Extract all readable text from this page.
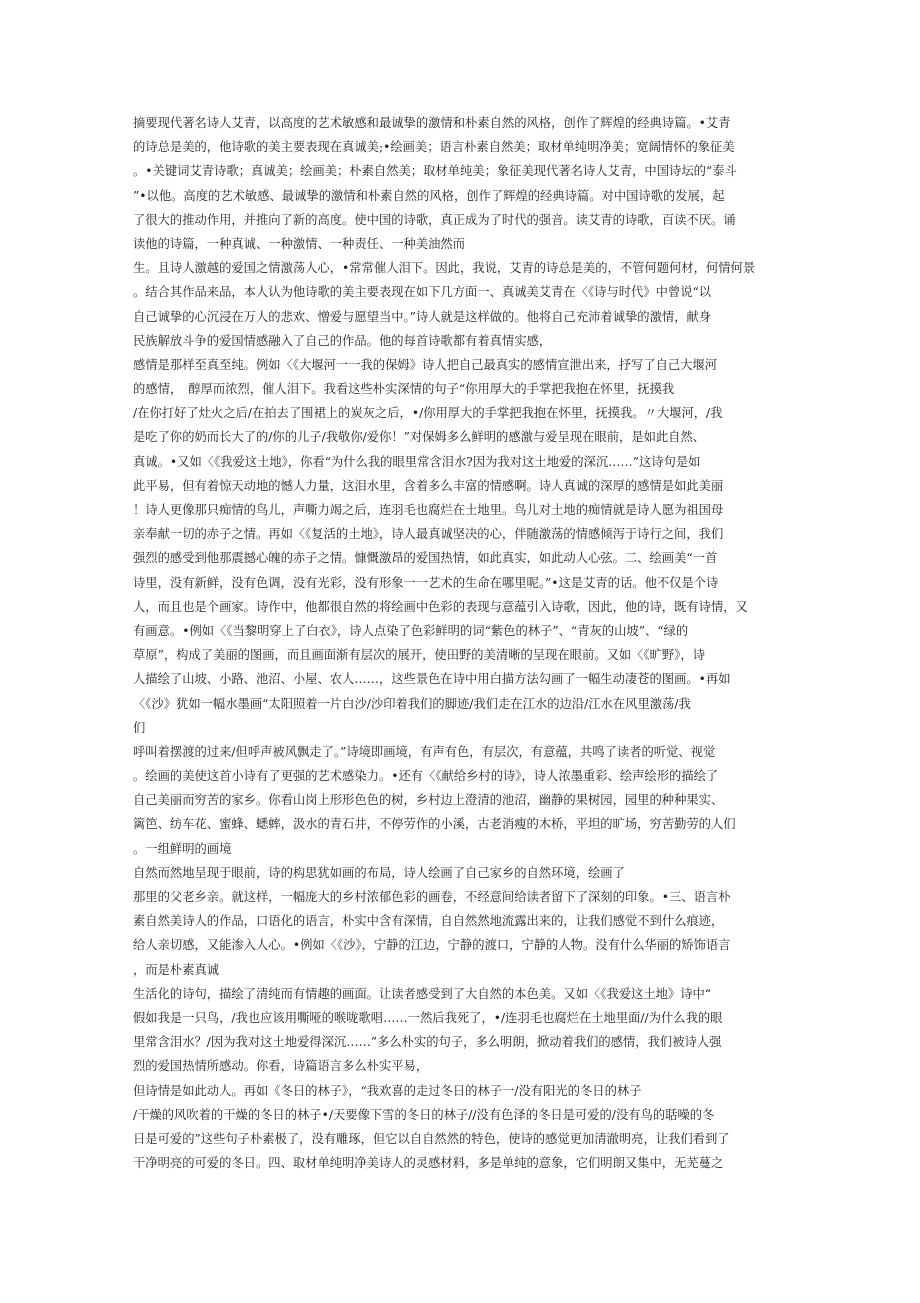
摘要现代著名诗人艾青，以高度的艺术敏感和最诚挚的激情和朴素自然的风格，创作了辉煌的经典诗篇。•艾青
的诗总是美的，他诗歌的美主要表现在真诚美;•绘画美；语言朴素自然美；取材单纯明净美；宽阔情怀的象征美
。•关键词艾青诗歌；真诚美；绘画美；朴素自然美；取材单纯美；象征美现代著名诗人艾青，中国诗坛的“泰斗
”•以他。高度的艺术敏感、最诚挚的激情和朴素自然的风格，创作了辉煌的经典诗篇。对中国诗歌的发展，起
了很大的推动作用，并推向了新的高度。使中国的诗歌，真正成为了时代的强音。读艾青的诗歌，百读不厌。诵
读他的诗篇，一种真诚、一种激情、一种责任、一种美油然而
生。且诗人激越的爱国之情激荡人心，•常常催人泪下。因此，我说，艾青的诗总是美的，不管何题何材，何情何景
。结合其作品来品，本人认为他诗歌的美主要表现在如下几方面一、真诚美艾青在〈《诗与时代》中曾说“以
自己诚挚的心沉浸在万人的悲欢、憎爱与愿望当中。”诗人就是这样做的。他将自己充沛着诚挚的激情，献身
民族解放斗争的爱国情感融入了自己的作品。他的每首诗歌都有着真情实感，
感情是那样至真至纯。例如〈《大堰河一一我的保姆》诗人把自己最真实的感情宣泄出来，抒写了自己大堰河
的感情，　醇厚而浓烈，催人泪下。我看这些朴实深情的句子“你用厚大的手掌把我抱在怀里，抚摸我
/在你打好了灶火之后/在拍去了围裙上的炭灰之后，•/你用厚大的手掌把我抱在怀里，抚摸我。〃大堰河，/我
是吃了你的奶而长大了的/你的儿子/我敬你/爱你！”对保姆多么鲜明的感激与爱呈现在眼前，是如此自然、
真诚。•又如〈《我爱这土地》，你看“为什么我的眼里常含泪水?因为我对这土地爱的深沉……”这诗句是如
此平易，但有着惊天动地的憾人力量，这泪水里，含着多么丰富的情感啊。诗人真诚的深厚的感情是如此美丽
！诗人更像那只痴情的鸟儿，声嘶力竭之后，连羽毛也腐烂在土地里。鸟儿对土地的痴情就是诗人愿为祖国母
亲奉献一切的赤子之情。再如〈《复活的土地》，诗人最真诚坚决的心，伴随激荡的情感倾泻于诗行之间，我们
强烈的感受到他那震撼心魄的赤子之情。慷慨激昂的爱国热情，如此真实，如此动人心弦。二、绘画美“一首
诗里，没有新鲜，没有色调，没有光彩，没有形象一一艺术的生命在哪里呢。”•这是艾青的话。他不仅是个诗
人，而且也是个画家。诗作中，他都很自然的将绘画中色彩的表现与意蕴引入诗歌，因此，他的诗，既有诗情，又
有画意。•例如〈《当黎明穿上了白衣》，诗人点染了色彩鲜明的词“紫色的林子”、“青灰的山坡”、“绿的
草原”，构成了美丽的图画，而且画面渐有层次的展开，使田野的美清晰的呈现在眼前。又如〈《旷野》，诗
人描绘了山坡、小路、池沼、小屋、农人……，这些景色在诗中用白描方法勾画了一幅生动凄苍的图画。•再如
〈《沙》犹如一幅水墨画“太阳照着一片白沙/沙印着我们的脚迹/我们走在江水的边沿/江水在风里激荡/我
们
呼叫着摆渡的过来/但呼声被风飘走了。”诗境即画境，有声有色，有层次，有意蕴，共鸣了读者的听觉、视觉
。绘画的美使这首小诗有了更强的艺术感染力。•还有〈《献给乡村的诗》，诗人浓墨重彩、绘声绘形的描绘了
自己美丽而穷苦的家乡。你看山岗上形形色色的树，乡村边上澄清的池沼，幽静的果树园，园里的种种果实、
篱笆、纺车花、蜜蜂、蟋蟀，汲水的青石井，不停劳作的小溪，古老消瘦的木桥，平坦的旷场，穷苦勤劳的人们
。一组鲜明的画境
自然而然地呈现于眼前，诗的构思犹如画的布局，诗人绘画了自己家乡的自然环境，绘画了
那里的父老乡亲。就这样，一幅庞大的乡村浓郁色彩的画卷，不经意间给读者留下了深刻的印象。•三、语言朴
素自然美诗人的作品，口语化的语言，朴实中含有深情，自自然然地流露出来的，让我们感觉不到什么痕迹，
给人亲切感，又能渗入人心。•例如〈《沙》，宁静的江边，宁静的渡口，宁静的人物。没有什么华丽的矫饰语言
，而是朴素真诚
生活化的诗句，描绘了清纯而有情趣的画面。让读者感受到了大自然的本色美。又如〈《我爱这土地》诗中“
假如我是一只鸟，/我也应该用嘶哑的喉咙歌唱……一然后我死了，•/连羽毛也腐烂在土地里面//为什么我的眼
里常含泪水？/因为我对这土地爱得深沉……”多么朴实的句子，多么明朗，掀动着我们的感情，我们被诗人强
烈的爱国热情所感动。你看，诗篇语言多么朴实平易，
但诗情是如此动人。再如《冬日的林子》，“我欢喜的走过冬日的林子一/没有阳光的冬日的林子
/干燥的风吹着的干燥的冬日的林子•/天要像下雪的冬日的林子//没有色泽的冬日是可爱的/没有鸟的聒噪的冬
日是可爱的”这些句子朴素极了，没有雕琢，但它以自自然然的特色，使诗的感觉更加清澈明亮，让我们看到了
干净明亮的可爱的冬日。四、取材单纯明净美诗人的灵感材料，多是单纯的意象，它们明朗又集中，无芜蔓之
